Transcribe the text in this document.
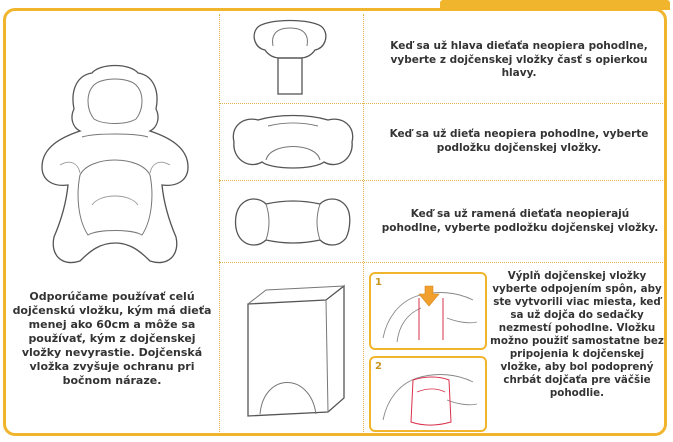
Odporúčame používať celú dojčenskú vložku, kým má dieťa menej ako 60cm a môže sa používať, kým z dojčenskej vložky nevyrastie. Dojčenská vložka zvyšuje ochranu pri bočnom náraze.

Keď sa už hlava dieťaťa neopiera pohodlne, vyberte z dojčenskej vložky časť s opierkou hlavy.

Keď sa už dieťa neopiera pohodlne, vyberte podložku dojčenskej vložky.

Keď sa už ramená dieťaťa neopierajú pohodlne, vyberte podložku dojčenskej vložky.

1
2

Výplň dojčenskej vložky vyberte odpojením spôn, aby ste vytvorili viac miesta, keď sa už dojča do sedačky nezmestí pohodlne. Vložku možno použiť samostatne bez pripojenia k dojčenskej vložke, aby bol podoprený chrbát dojčaťa pre väčšie pohodlie.
